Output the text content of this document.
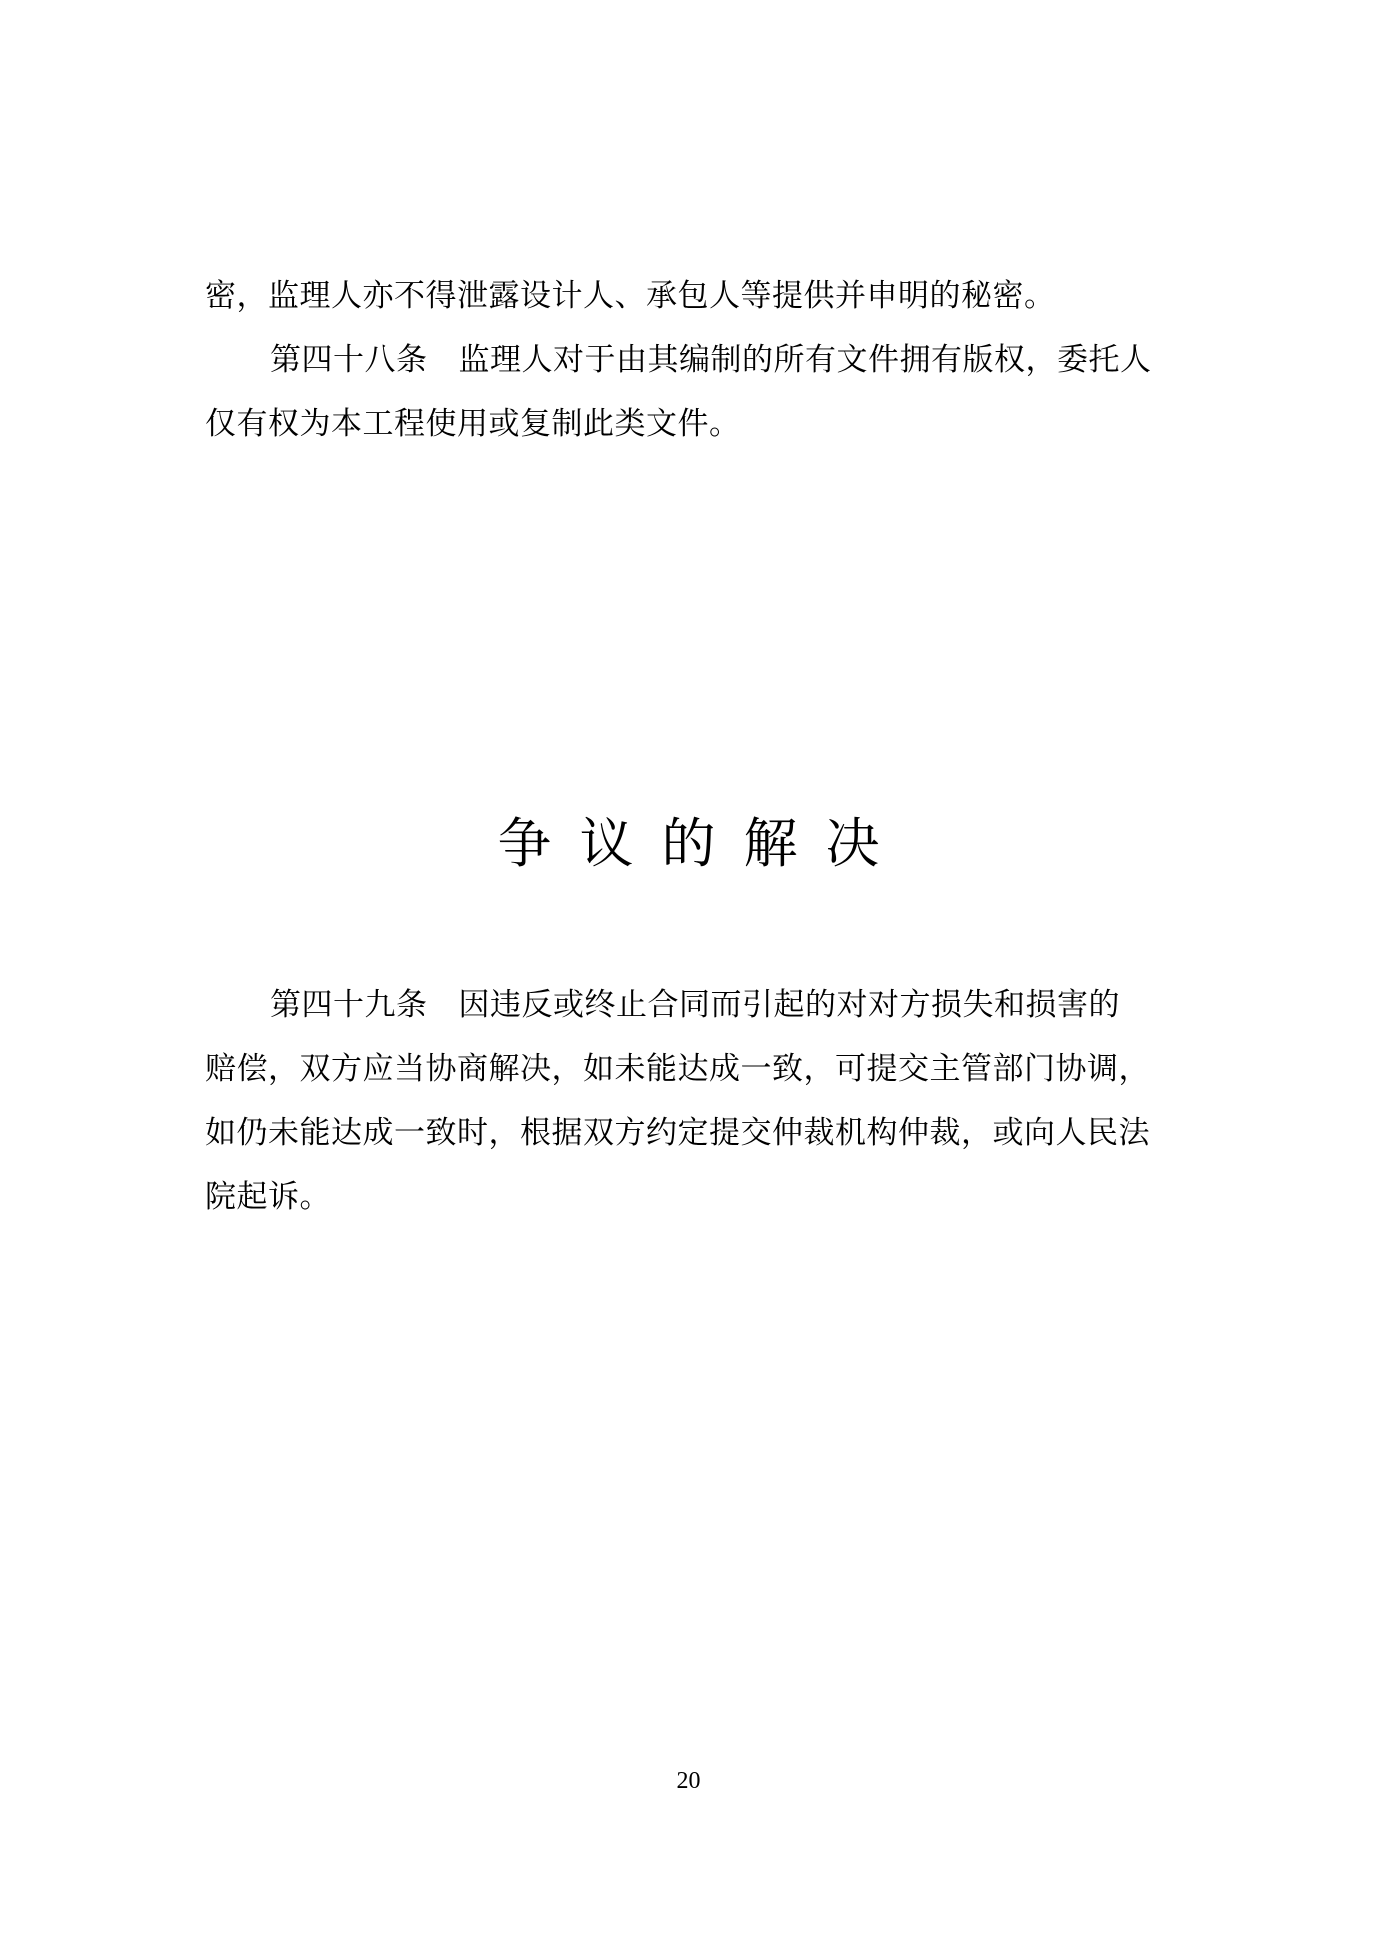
密，监理人亦不得泄露设计人、承包人等提供并申明的秘密。
第四十八条 监理人对于由其编制的所有文件拥有版权，委托人
仅有权为本工程使用或复制此类文件。
争议的解决
第四十九条 因违反或终止合同而引起的对对方损失和损害的
赔偿，双方应当协商解决，如未能达成一致，可提交主管部门协调，
如仍未能达成一致时，根据双方约定提交仲裁机构仲裁，或向人民法
院起诉。
20
